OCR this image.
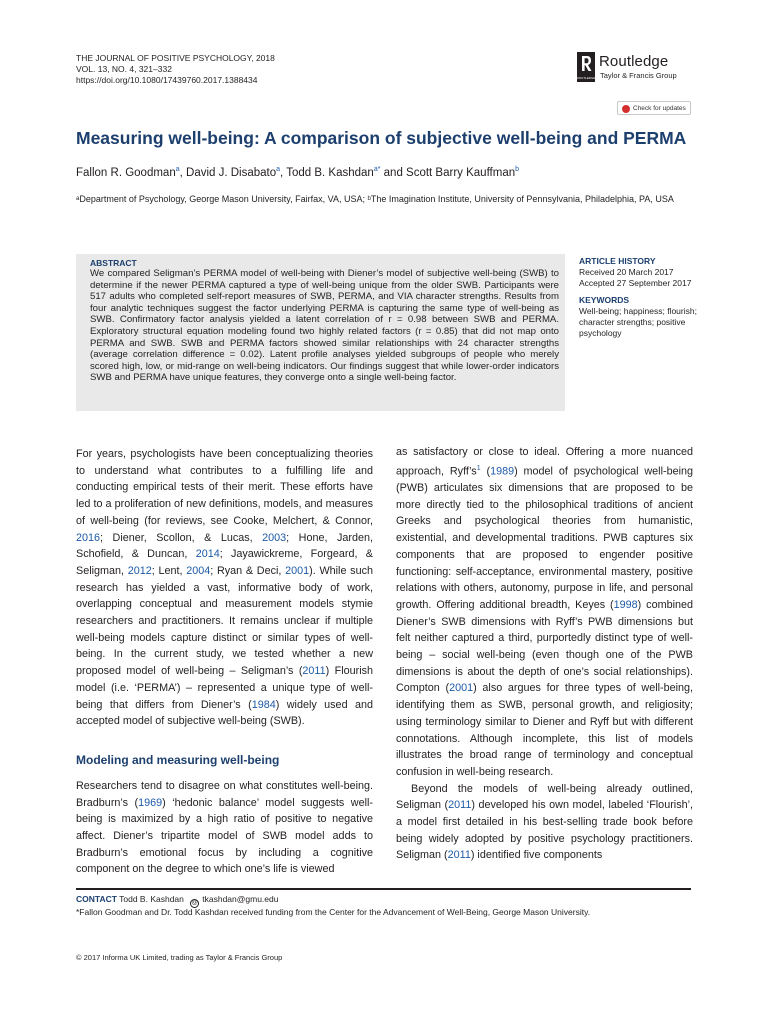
THE JOURNAL OF POSITIVE PSYCHOLOGY, 2018
VOL. 13, NO. 4, 321–332
https://doi.org/10.1080/17439760.2017.1388434	ROUTLEDGE
Routledge
Taylor & Francis Group
Check for updates
Measuring well-being: A comparison of subjective well-being and PERMA
Fallon R. Goodman$^a$, David J. Disabato$^a$, Todd B. Kashdan$^{a*}$ and Scott Barry Kauffman$^b$
ᵃDepartment of Psychology, George Mason University, Fairfax, VA, USA; ᵇThe Imagination Institute, University of Pennsylvania, Philadelphia, PA, USA
ABSTRACT
We compared Seligman’s PERMA model of well-being with Diener’s model of subjective well-being (SWB) to determine if the newer PERMA captured a type of well-being unique from the older SWB. Participants were 517 adults who completed self-report measures of SWB, PERMA, and VIA character strengths. Results from four analytic techniques suggest the factor underlying PERMA is capturing the same type of well-being as SWB. Confirmatory factor analysis yielded a latent correlation of r = 0.98 between SWB and PERMA. Exploratory structural equation modeling found two highly related factors (r = 0.85) that did not map onto PERMA and SWB. SWB and PERMA factors showed similar relationships with 24 character strengths (average correlation difference = 0.02). Latent profile analyses yielded subgroups of people who merely scored high, low, or mid-range on well-being indicators. Our findings suggest that while lower-order indicators SWB and PERMA have unique features, they converge onto a single well-being factor.
ARTICLE HISTORY
Received 20 March 2017
Accepted 27 September 2017
KEYWORDS
Well-being; happiness; flourish; character strengths; positive psychology

For years, psychologists have been conceptualizing theories to understand what contributes to a fulfilling life and conducting empirical tests of their merit. These efforts have led to a proliferation of new definitions, models, and measures of well-being (for reviews, see Cooke, Melchert, & Connor, 2016; Diener, Scollon, & Lucas, 2003; Hone, Jarden, Schofield, & Duncan, 2014; Jayawickreme, Forgeard, & Seligman, 2012; Lent, 2004; Ryan & Deci, 2001). While such research has yielded a vast, informative body of work, overlapping conceptual and measurement models stymie researchers and practitioners. It remains unclear if multiple well-being models capture distinct or similar types of well-being. In the current study, we tested whether a new proposed model of well-being – Seligman’s (2011) Flourish model (i.e. ‘PERMA’) – represented a unique type of well-being that differs from Diener’s (1984) widely used and accepted model of subjective well-being (SWB).

Modeling and measuring well-being

Researchers tend to disagree on what constitutes well-being. Bradburn’s (1969) ‘hedonic balance’ model suggests well-being is maximized by a high ratio of positive to negative affect. Diener’s tripartite model of SWB model adds to Bradburn’s emotional focus by including a cognitive component on the degree to which one’s life is viewed

as satisfactory or close to ideal. Offering a more nuanced approach, Ryff’s$^1$ (1989) model of psychological well-being (PWB) articulates six dimensions that are proposed to be more directly tied to the philosophical traditions of ancient Greeks and psychological theories from humanistic, existential, and developmental traditions. PWB captures six components that are proposed to engender positive functioning: self-acceptance, environmental mastery, positive relations with others, autonomy, purpose in life, and personal growth. Offering additional breadth, Keyes (1998) combined Diener’s SWB dimensions with Ryff’s PWB dimensions but felt neither captured a third, purportedly distinct type of well-being – social well-being (even though one of the PWB dimensions is about the depth of one’s social relationships). Compton (2001) also argues for three types of well-being, identifying them as SWB, personal growth, and religiosity; using terminology similar to Diener and Ryff but with different connotations. Although incomplete, this list of models illustrates the broad range of terminology and conceptual confusion in well-being research.

Beyond the models of well-being already outlined, Seligman (2011) developed his own model, labeled ‘Flourish’, a model first detailed in his best-selling trade book before being widely adopted by positive psychology practitioners. Seligman (2011) identified five components

CONTACT Todd B. Kashdan @ tkashdan@gmu.edu
*Fallon Goodman and Dr. Todd Kashdan received funding from the Center for the Advancement of Well-Being, George Mason University.
© 2017 Informa UK Limited, trading as Taylor & Francis Group
